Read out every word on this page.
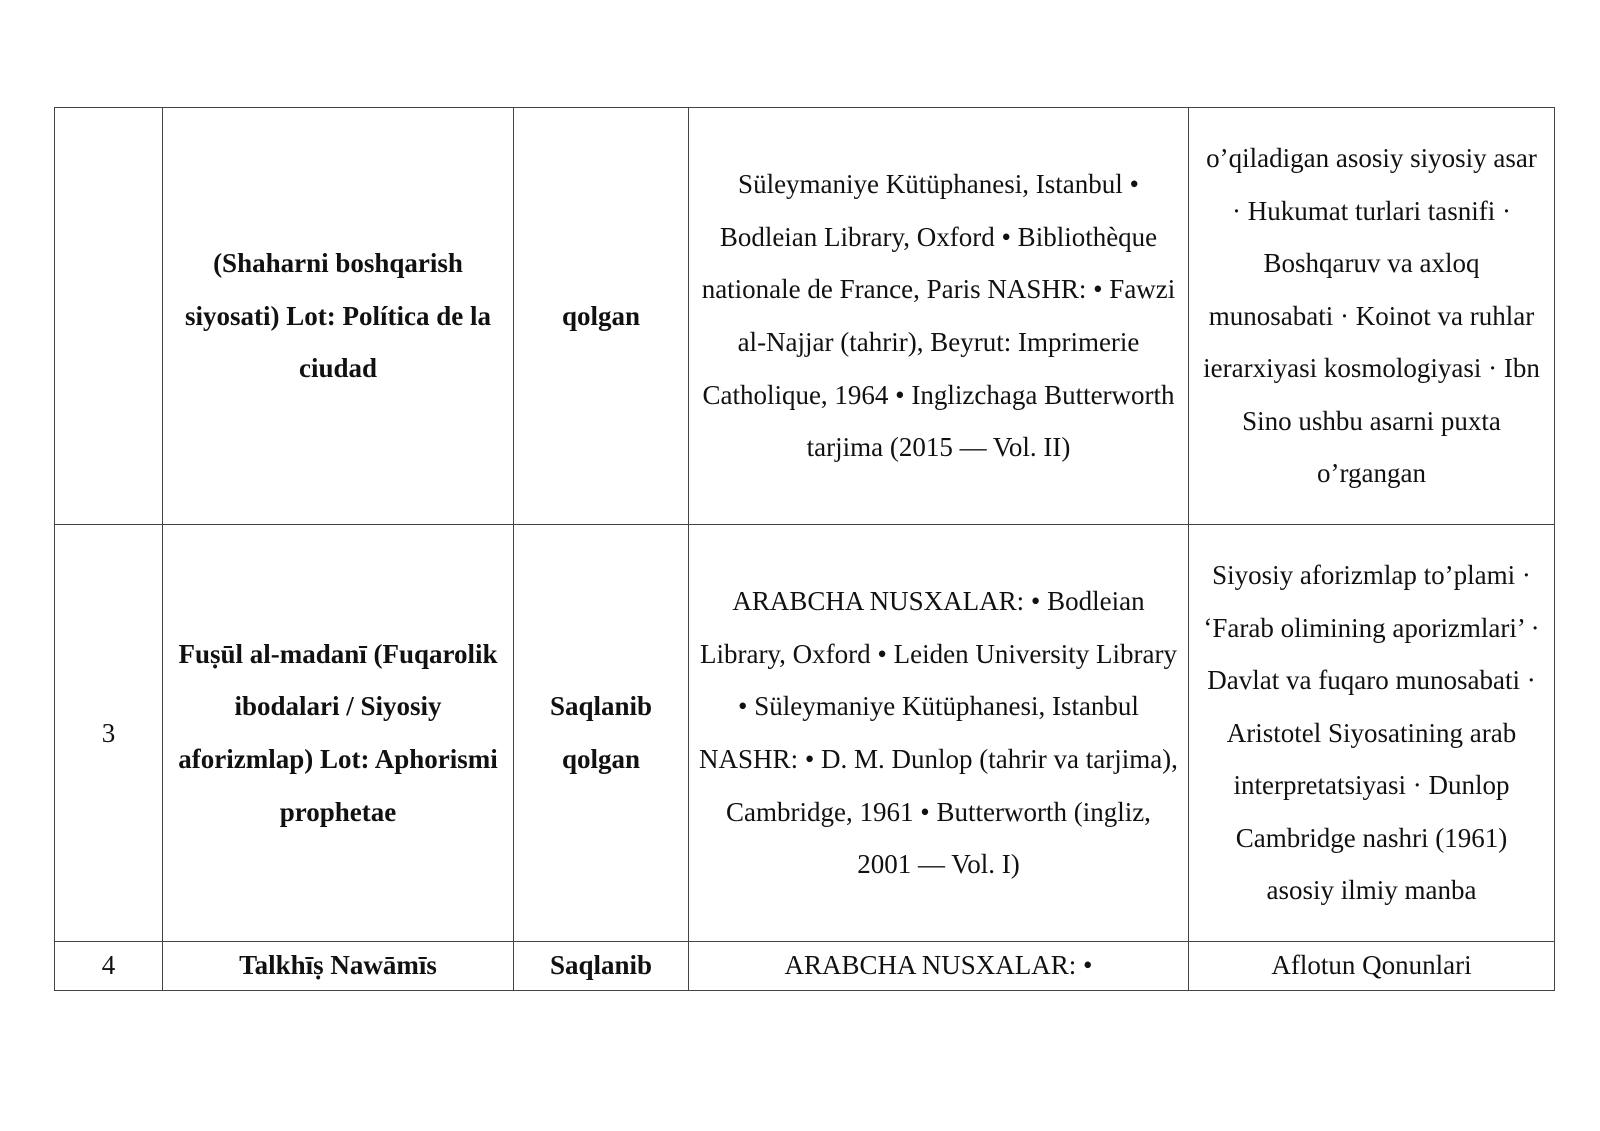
	(Shaharni boshqarish siyosati) Lot: Política de la ciudad	qolgan	Süleymaniye Kütüphanesi, Istanbul • Bodleian Library, Oxford • Bibliothèque nationale de France, Paris NASHR: • Fawzi al-Najjar (tahrir), Beyrut: Imprimerie Catholique, 1964 • Inglizchaga Butterworth tarjima (2015 — Vol. II)	o’qiladigan asosiy siyosiy asar · Hukumat turlari tasnifi · Boshqaruv va axloq munosabati · Koinot va ruhlar ierarxiyasi kosmologiyasi · Ibn Sino ushbu asarni puxta o’rgangan

3	Fuṣūl al-madanī (Fuqarolik ibodalari / Siyosiy aforizmlap) Lot: Aphorismi prophetae	Saqlanib qolgan	ARABCHA NUSXALAR: • Bodleian Library, Oxford • Leiden University Library • Süleymaniye Kütüphanesi, Istanbul NASHR: • D. M. Dunlop (tahrir va tarjima), Cambridge, 1961 • Butterworth (ingliz, 2001 — Vol. I)	Siyosiy aforizmlap to’plami · ‘Farab olimining aporizmlari’ · Davlat va fuqaro munosabati · Aristotel Siyosatining arab interpretatsiyasi · Dunlop Cambridge nashri (1961) asosiy ilmiy manba

4	Talkhīṣ Nawāmīs	Saqlanib	ARABCHA NUSXALAR: •	Aflotun Qonunlari
